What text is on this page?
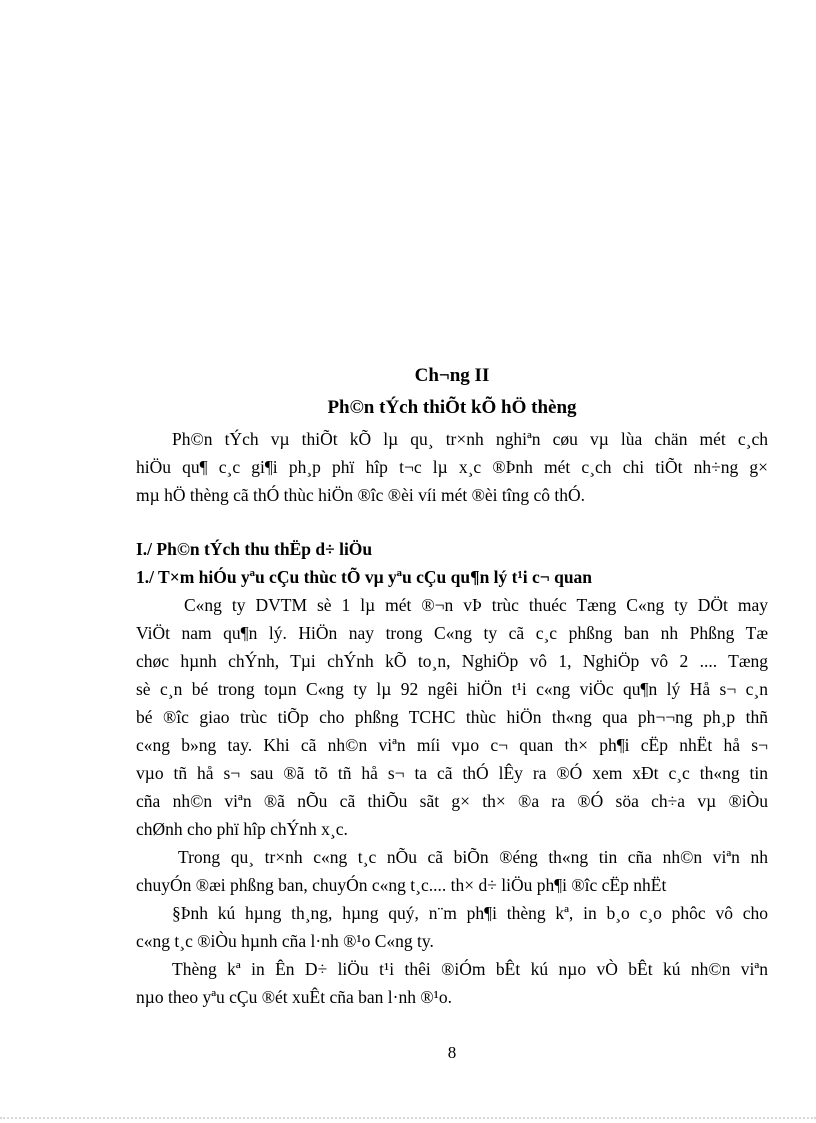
Ch¬ng II
Ph©n tÝch thiÕt kÕ hÖ thèng
Ph©n tÝch vµ thiÕt kÕ lµ qu¸ tr×nh nghiªn cøu vµ lùa chän mét c¸ch
hiÖu qu¶ c¸c gi¶i ph¸p phï hîp t¬c lµ x¸c ®Þnh mét c¸ch chi tiÕt nh÷ng g×
mµ hÖ thèng cã thÓ thùc hiÖn ®îc ®èi víi mét ®èi tîng cô thÓ.
I./ Ph©n tÝch thu thËp d÷ liÖu
1./ T×m hiÓu yªu cÇu thùc tÕ vµ yªu cÇu qu¶n lý t¹i c¬ quan
C«ng ty DVTM sè 1 lµ mét ®¬n vÞ trùc thuéc Tæng C«ng ty DÖt may
ViÖt nam qu¶n lý. HiÖn nay trong C«ng ty cã c¸c phßng ban nh Phßng Tæ
chøc hµnh chÝnh, Tµi chÝnh kÕ to¸n, NghiÖp vô 1, NghiÖp vô 2 .... Tæng
sè c¸n bé trong toµn C«ng ty lµ 92 ngêi hiÖn t¹i c«ng viÖc qu¶n lý Hå s¬ c¸n
bé ®îc giao trùc tiÕp cho phßng TCHC thùc hiÖn th«ng qua ph¬¬ng ph¸p thñ
c«ng b»ng tay. Khi cã nh©n viªn míi vµo c¬ quan th× ph¶i cËp nhËt hå s¬
vµo tñ hå s¬ sau ®ã tõ tñ hå s¬ ta cã thÓ lÊy ra ®Ó xem xÐt c¸c th«ng tin
cña nh©n viªn ®ã nÕu cã thiÕu sãt g× th× ®a ra ®Ó söa ch÷a vµ ®iÒu
chØnh cho phï hîp chÝnh x¸c.
Trong qu¸ tr×nh c«ng t¸c nÕu cã biÕn ®éng th«ng tin cña nh©n viªn nh
chuyÓn ®æi phßng ban, chuyÓn c«ng t¸c.... th× d÷ liÖu ph¶i ®îc cËp nhËt
§Þnh kú hµng th¸ng, hµng quý, n¨m ph¶i thèng kª, in b¸o c¸o phôc vô cho
c«ng t¸c ®iÒu hµnh cña l·nh ®¹o C«ng ty.
Thèng kª in Ên D÷ liÖu t¹i thêi ®iÓm bÊt kú nµo vÒ bÊt kú nh©n viªn
nµo theo yªu cÇu ®ét xuÊt cña ban l·nh ®¹o.
8
